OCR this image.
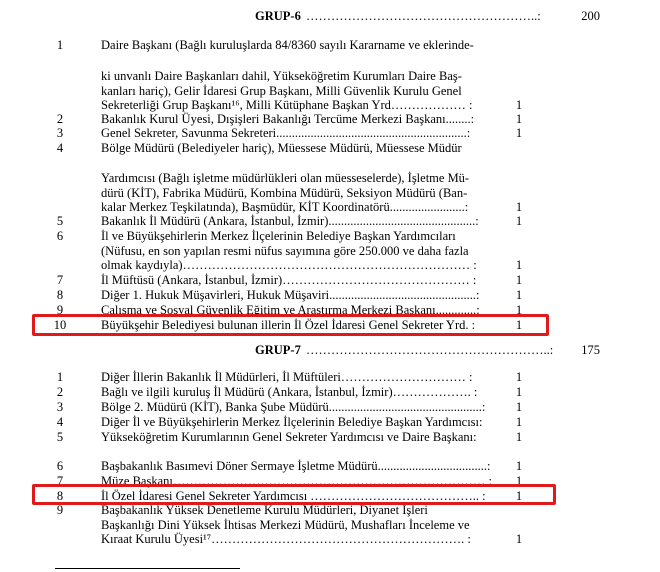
GRUP-6 ………………………………………………..:	200
1	Daire Başkanı (Bağlı kuruluşlarda 84/8360 sayılı Kararname ve eklerinde-
ki unvanlı Daire Başkanları dahil, Yükseköğretim Kurumları Daire Baş-
kanları hariç), Gelir İdaresi Grup Başkanı, Milli Güvenlik Kurulu Genel
Sekreterliği Grup Başkanı¹⁶, Milli Kütüphane Başkan Yrd……………… :	1
2	Bakanlık Kurul Üyesi, Dışişleri Bakanlığı Tercüme Merkezi Başkanı........:	1
3	Genel Sekreter, Savunma Sekreteri.............................................................:	1
4	Bölge Müdürü (Belediyeler hariç), Müessese Müdürü, Müessese Müdür
Yardımcısı (Bağlı işletme müdürlükleri olan müesseselerde), İşletme Mü-
dürü (KİT), Fabrika Müdürü, Kombina Müdürü, Seksiyon Müdürü (Ban-
kalar Merkez Teşkilatında), Başmüdür, KİT Koordinatörü........................:	1
5	Bakanlık İl Müdürü (Ankara, İstanbul, İzmir)...............................................:	1
6	İl ve Büyükşehirlerin Merkez İlçelerinin Belediye Başkan Yardımcıları
(Nüfusu, en son yapılan resmi nüfus sayımına göre 250.000 ve daha fazla
olmak kaydıyla)…………………………………………………………… :	1
7	İl Müftüsü (Ankara, İstanbul, İzmir)……………………………………… :	1
8	Diğer 1. Hukuk Müşavirleri, Hukuk Müşaviri...............................................:	1
9	Çalışma ve Sosyal Güvenlik Eğitim ve Araştırma Merkezi Başkanı.............:	1
10	Büyükşehir Belediyesi bulunan illerin İl Özel İdaresi Genel Sekreter Yrd. :	1
GRUP-7 …………………………………………………..:	175
1	Diğer İllerin Bakanlık İl Müdürleri, İl Müftüleri………………………… :	1
2	Bağlı ve ilgili kuruluş İl Müdürü (Ankara, İstanbul, İzmir)………………. :	1
3	Bölge 2. Müdürü (KİT), Banka Şube Müdürü.................................................:	1
4	Diğer İl ve Büyükşehirlerin Merkez İlçelerinin Belediye Başkan Yardımcısı:	1
5	Yükseköğretim Kurumlarının Genel Sekreter Yardımcısı ve Daire Başkanı:	1
6	Başbakanlık Basımevi Döner Sermaye İşletme Müdürü...................................:	1
7	Müze Başkanı………………………………………………………………… :	1
8	İl Özel İdaresi Genel Sekreter Yardımcısı ………………………………….. :	1
9	Başbakanlık Yüksek Denetleme Kurulu Müdürleri, Diyanet İşleri
Başkanlığı Dini Yüksek İhtisas Merkezi Müdürü, Mushafları İnceleme ve
Kıraat Kurulu Üyesi¹⁷……………………………………………………. :	1
